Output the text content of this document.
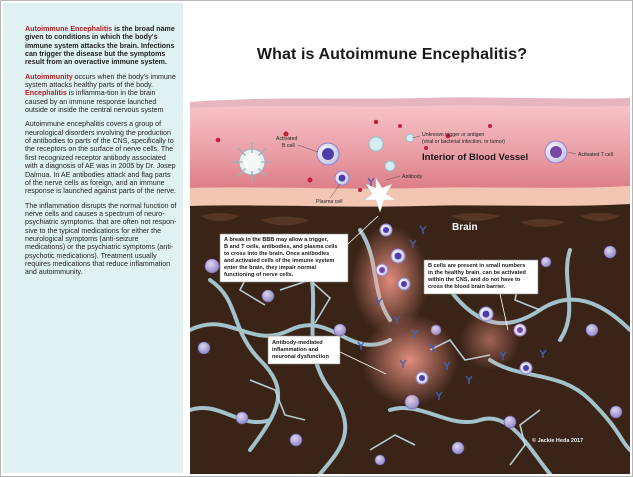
Autoimmune Encephalitis is the broad name given to conditions in which the body's immune system attacks the brain. Infections can trigger the disease but the symptoms result from an overactive immune system.

Autoimmunity occurs when the body's immune system attacks healthy parts of the body. Encephalitis is inflamma-tion in the brain caused by an immune response launched outside or inside the central nervous system

Autoimmune encephalitis covers a group of neurological disorders involving the production of antibodies to parts of the CNS, specifically to the receptors on the surface of nerve cells. The first recognized receptor antibody associated with a diagnosis of AE was in 2005 by Dr. Josep Dalmua. In AE antibodies attack and flag parts of the nerve cells as foreign, and an immune response is launched against parts of the nerve.

The inflammation disrupts the normal function of nerve cells and causes a spectrum of neuro-psychiatric symptoms. that are often not respon-sive to the typical medications for either the neurological symptoms (anti-seizure medications) or the psychiatric symptoms (anti-psychotic medications). Treatment usually requires medications that reduce inflammation and autoimmunity.

What is Autoimmune Encephalitis?
Interior of Blood Vessel
Brain
Activated
B cell
Unknown trigger or antigen
(viral or bacterial infection, or tumor)
Plasma cell
Antibody
Activated T cell
A break in the BBB may allow a trigger,
B and T cells, antibodies, and plasma cells
to cross into the brain. Once antibodies
and activated cells of the immune system
enter the brain, they impair normal
functioning of nerve cells.
B cells are present in small numbers
in the healthy brain, can be activated
within the CNS, and do not have to
cross the blood brain barrier.
Antibody-mediated
inflammation and
neuronal dysfunction
© Jackie Heda 2017
